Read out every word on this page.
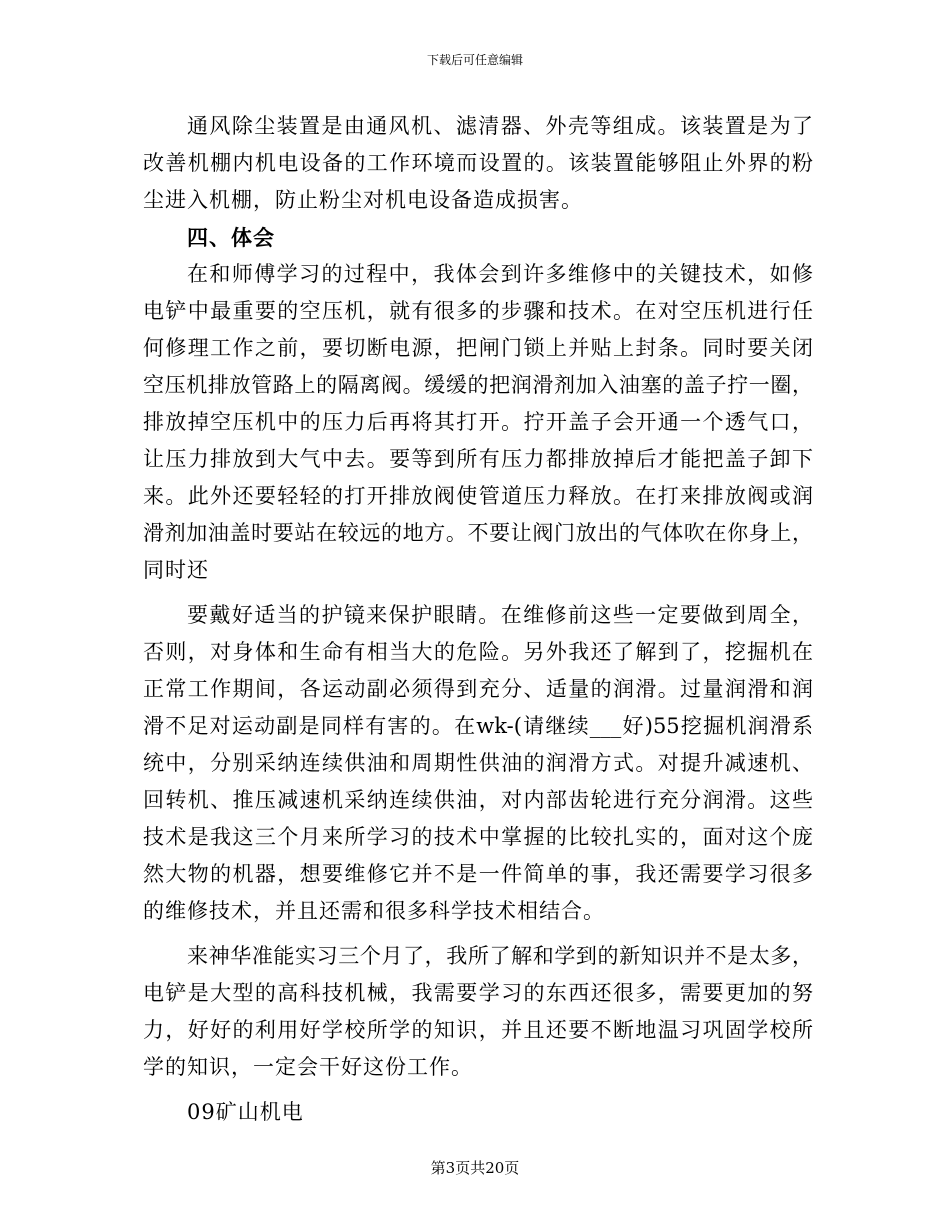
下载后可任意编辑
通风除尘装置是由通风机、滤清器、外壳等组成。该装置是为了
改善机棚内机电设备的工作环境而设置的。该装置能够阻止外界的粉
尘进入机棚，防止粉尘对机电设备造成损害。
四、体会
在和师傅学习的过程中，我体会到许多维修中的关键技术，如修
电铲中最重要的空压机，就有很多的步骤和技术。在对空压机进行任
何修理工作之前，要切断电源，把闸门锁上并贴上封条。同时要关闭
空压机排放管路上的隔离阀。缓缓的把润滑剂加入油塞的盖子拧一圈，
排放掉空压机中的压力后再将其打开。拧开盖子会开通一个透气口，
让压力排放到大气中去。要等到所有压力都排放掉后才能把盖子卸下
来。此外还要轻轻的打开排放阀使管道压力释放。在打来排放阀或润
滑剂加油盖时要站在较远的地方。不要让阀门放出的气体吹在你身上，
同时还
要戴好适当的护镜来保护眼睛。在维修前这些一定要做到周全，
否则，对身体和生命有相当大的危险。另外我还了解到了，挖掘机在
正常工作期间，各运动副必须得到充分、适量的润滑。过量润滑和润
滑不足对运动副是同样有害的。在wk-(请继续___好)55挖掘机润滑系
统中，分别采纳连续供油和周期性供油的润滑方式。对提升减速机、
回转机、推压减速机采纳连续供油，对内部齿轮进行充分润滑。这些
技术是我这三个月来所学习的技术中掌握的比较扎实的，面对这个庞
然大物的机器，想要维修它并不是一件简单的事，我还需要学习很多
的维修技术，并且还需和很多科学技术相结合。
来神华准能实习三个月了，我所了解和学到的新知识并不是太多，
电铲是大型的高科技机械，我需要学习的东西还很多，需要更加的努
力，好好的利用好学校所学的知识，并且还要不断地温习巩固学校所
学的知识，一定会干好这份工作。
09矿山机电
第3页共20页
